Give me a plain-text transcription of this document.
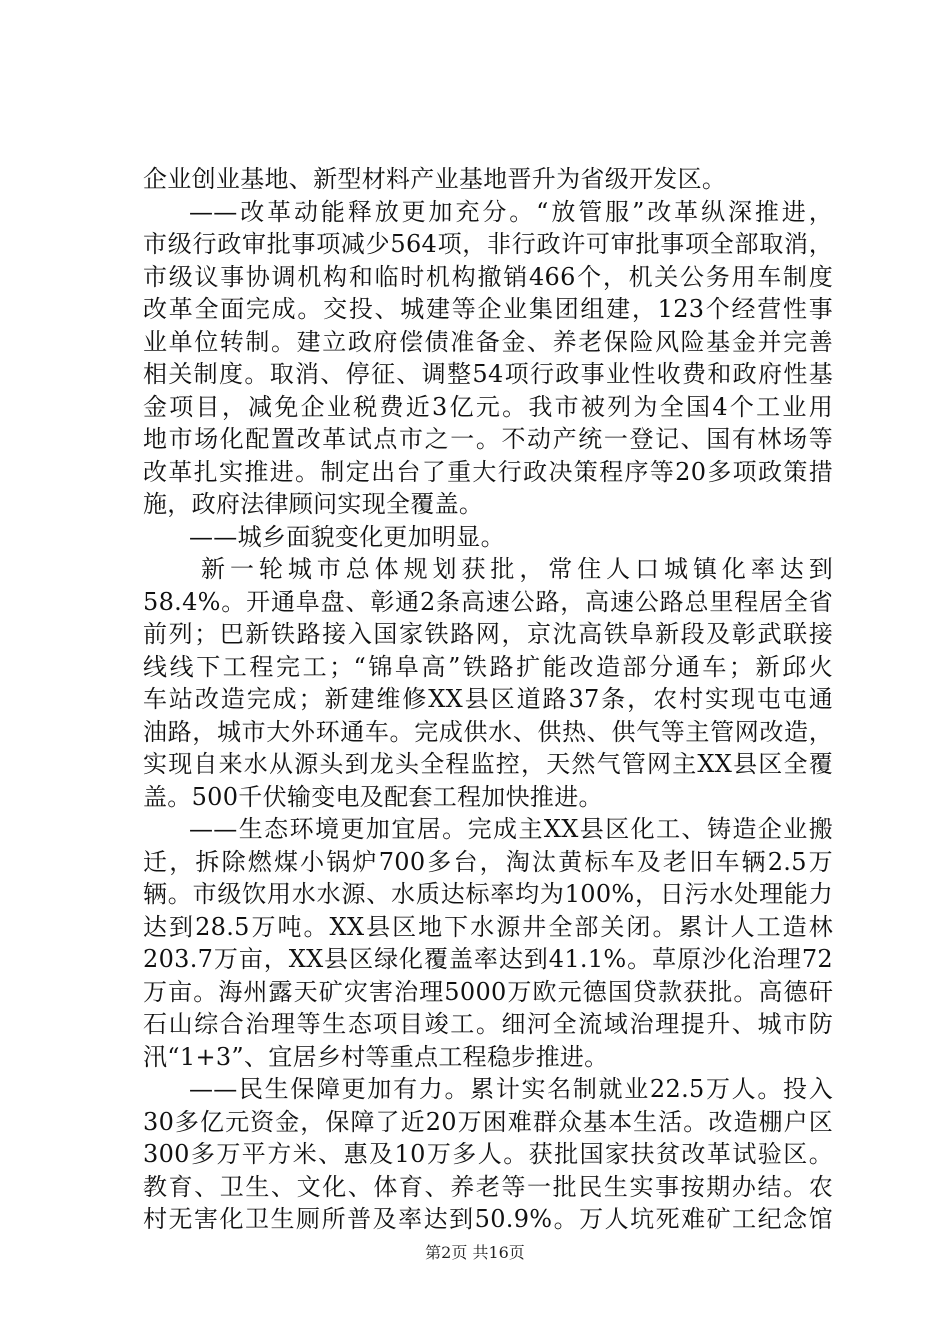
企业创业基地、新型材料产业基地晋升为省级开发区。
——改革动能释放更加充分。“放管服”改革纵深推进，
市级行政审批事项减少564项，非行政许可审批事项全部取消，
市级议事协调机构和临时机构撤销466个，机关公务用车制度
改革全面完成。交投、城建等企业集团组建，123个经营性事
业单位转制。建立政府偿债准备金、养老保险风险基金并完善
相关制度。取消、停征、调整54项行政事业性收费和政府性基
金项目，减免企业税费近3亿元。我市被列为全国4个工业用
地市场化配置改革试点市之一。不动产统一登记、国有林场等
改革扎实推进。制定出台了重大行政决策程序等20多项政策措
施，政府法律顾问实现全覆盖。
——城乡面貌变化更加明显。
新一轮城市总体规划获批，常住人口城镇化率达到
58.4%。开通阜盘、彰通2条高速公路，高速公路总里程居全省
前列；巴新铁路接入国家铁路网，京沈高铁阜新段及彰武联接
线线下工程完工；“锦阜高”铁路扩能改造部分通车；新邱火
车站改造完成；新建维修XX县区道路37条，农村实现屯屯通
油路，城市大外环通车。完成供水、供热、供气等主管网改造，
实现自来水从源头到龙头全程监控，天然气管网主XX县区全覆
盖。500千伏输变电及配套工程加快推进。
——生态环境更加宜居。完成主XX县区化工、铸造企业搬
迁，拆除燃煤小锅炉700多台，淘汰黄标车及老旧车辆2.5万
辆。市级饮用水水源、水质达标率均为100%，日污水处理能力
达到28.5万吨。XX县区地下水源井全部关闭。累计人工造林
203.7万亩，XX县区绿化覆盖率达到41.1%。草原沙化治理72
万亩。海州露天矿灾害治理5000万欧元德国贷款获批。高德矸
石山综合治理等生态项目竣工。细河全流域治理提升、城市防
汛“1+3”、宜居乡村等重点工程稳步推进。
——民生保障更加有力。累计实名制就业22.5万人。投入
30多亿元资金，保障了近20万困难群众基本生活。改造棚户区
300多万平方米、惠及10万多人。获批国家扶贫改革试验区。
教育、卫生、文化、体育、养老等一批民生实事按期办结。农
村无害化卫生厕所普及率达到50.9%。万人坑死难矿工纪念馆
第2页 共16页
